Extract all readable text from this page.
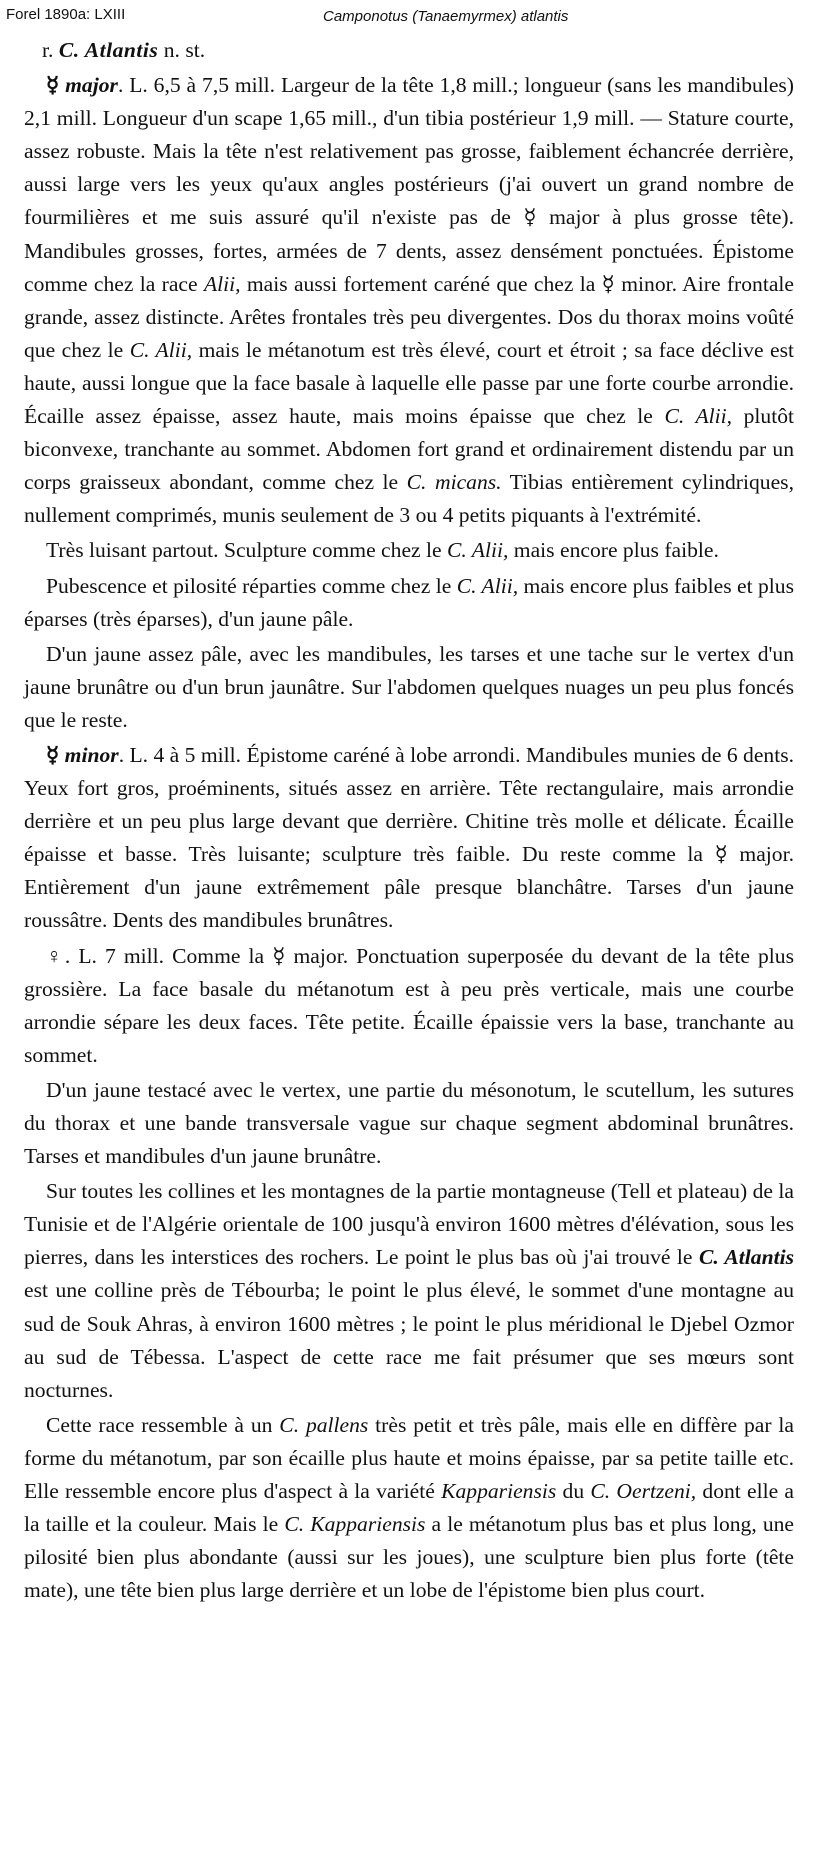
Forel 1890a: LXIII	Camponotus (Tanaemyrmex) atlantis

r. C. Atlantis n. st.

☿ major. L. 6,5 à 7,5 mill. Largeur de la tête 1,8 mill.; longueur (sans les mandibules) 2,1 mill. Longueur d'un scape 1,65 mill., d'un tibia postérieur 1,9 mill. — Stature courte, assez robuste. Mais la tête n'est relativement pas grosse, faiblement échancrée derrière, aussi large vers les yeux qu'aux angles postérieurs (j'ai ouvert un grand nombre de fourmilières et me suis assuré qu'il n'existe pas de ☿ major à plus grosse tête). Mandibules grosses, fortes, armées de 7 dents, assez densément ponctuées. Épistome comme chez la race Alii, mais aussi fortement caréné que chez la ☿ minor. Aire frontale grande, assez distincte. Arêtes frontales très peu divergentes. Dos du thorax moins voûté que chez le C. Alii, mais le métanotum est très élevé, court et étroit ; sa face déclive est haute, aussi longue que la face basale à laquelle elle passe par une forte courbe arrondie. Écaille assez épaisse, assez haute, mais moins épaisse que chez le C. Alii, plutôt biconvexe, tranchante au sommet. Abdomen fort grand et ordinairement distendu par un corps graisseux abondant, comme chez le C. micans. Tibias entièrement cylindriques, nullement comprimés, munis seulement de 3 ou 4 petits piquants à l'extrémité.

Très luisant partout. Sculpture comme chez le C. Alii, mais encore plus faible.

Pubescence et pilosité réparties comme chez le C. Alii, mais encore plus faibles et plus éparses (très éparses), d'un jaune pâle.

D'un jaune assez pâle, avec les mandibules, les tarses et une tache sur le vertex d'un jaune brunâtre ou d'un brun jaunâtre. Sur l'abdomen quelques nuages un peu plus foncés que le reste.

☿ minor. L. 4 à 5 mill. Épistome caréné à lobe arrondi. Mandibules munies de 6 dents. Yeux fort gros, proéminents, situés assez en arrière. Tête rectangulaire, mais arrondie derrière et un peu plus large devant que derrière. Chitine très molle et délicate. Écaille épaisse et basse. Très luisante; sculpture très faible. Du reste comme la ☿ major. Entièrement d'un jaune extrêmement pâle presque blanchâtre. Tarses d'un jaune roussâtre. Dents des mandibules brunâtres.

♀. L. 7 mill. Comme la ☿ major. Ponctuation superposée du devant de la tête plus grossière. La face basale du métanotum est à peu près verticale, mais une courbe arrondie sépare les deux faces. Tête petite. Écaille épaissie vers la base, tranchante au sommet.

D'un jaune testacé avec le vertex, une partie du mésonotum, le scutellum, les sutures du thorax et une bande transversale vague sur chaque segment abdominal brunâtres. Tarses et mandibules d'un jaune brunâtre.

Sur toutes les collines et les montagnes de la partie montagneuse (Tell et plateau) de la Tunisie et de l'Algérie orientale de 100 jusqu'à environ 1600 mètres d'élévation, sous les pierres, dans les interstices des rochers. Le point le plus bas où j'ai trouvé le C. Atlantis est une colline près de Tébourba; le point le plus élevé, le sommet d'une montagne au sud de Souk Ahras, à environ 1600 mètres ; le point le plus méridional le Djebel Ozmor au sud de Tébessa. L'aspect de cette race me fait présumer que ses mœurs sont nocturnes.

Cette race ressemble à un C. pallens très petit et très pâle, mais elle en diffère par la forme du métanotum, par son écaille plus haute et moins épaisse, par sa petite taille etc. Elle ressemble encore plus d'aspect à la variété Kappariensis du C. Oertzeni, dont elle a la taille et la couleur. Mais le C. Kappariensis a le métanotum plus bas et plus long, une pilosité bien plus abondante (aussi sur les joues), une sculpture bien plus forte (tête mate), une tête bien plus large derrière et un lobe de l'épistome bien plus court.
